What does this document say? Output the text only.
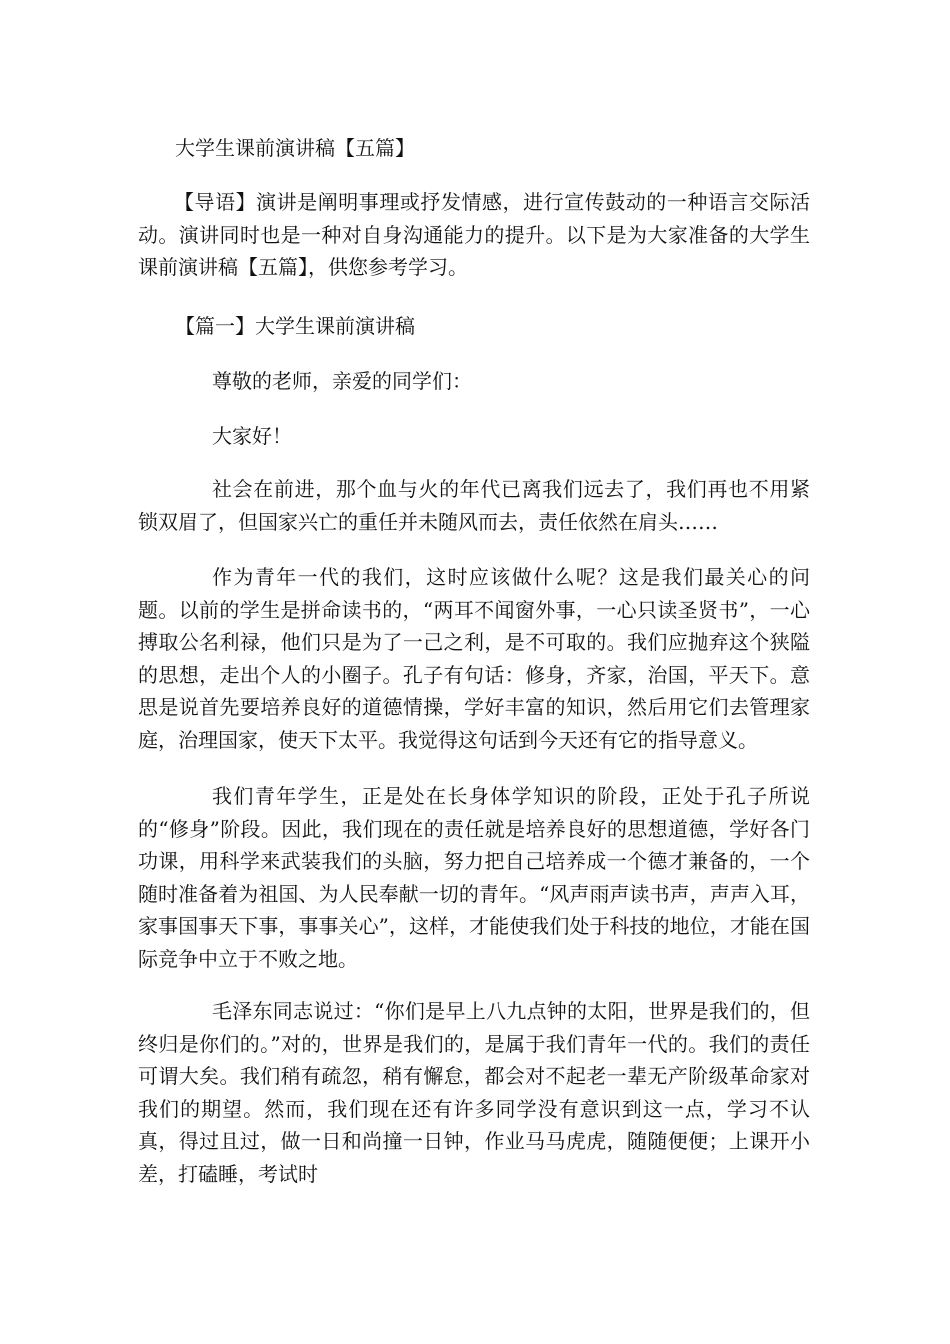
大学生课前演讲稿【五篇】
【导语】演讲是阐明事理或抒发情感，进行宣传鼓动的一种语言交际活动。演讲同时也是一种对自身沟通能力的提升。以下是为大家准备的大学生课前演讲稿【五篇】，供您参考学习。
【篇一】大学生课前演讲稿
尊敬的老师，亲爱的同学们：
大家好！
社会在前进，那个血与火的年代已离我们远去了，我们再也不用紧锁双眉了，但国家兴亡的重任并未随风而去，责任依然在肩头……
作为青年一代的我们，这时应该做什么呢？这是我们最关心的问题。以前的学生是拼命读书的，“两耳不闻窗外事，一心只读圣贤书”，一心搏取公名利禄，他们只是为了一己之利，是不可取的。我们应抛弃这个狭隘的思想，走出个人的小圈子。孔子有句话：修身，齐家，治国，平天下。意思是说首先要培养良好的道德情操，学好丰富的知识，然后用它们去管理家庭，治理国家，使天下太平。我觉得这句话到今天还有它的指导意义。
我们青年学生，正是处在长身体学知识的阶段，正处于孔子所说的“修身”阶段。因此，我们现在的责任就是培养良好的思想道德，学好各门功课，用科学来武装我们的头脑，努力把自己培养成一个德才兼备的，一个随时准备着为祖国、为人民奉献一切的青年。“风声雨声读书声，声声入耳，家事国事天下事，事事关心”，这样，才能使我们处于科技的地位，才能在国际竞争中立于不败之地。
毛泽东同志说过：“你们是早上八九点钟的太阳，世界是我们的，但终归是你们的。”对的，世界是我们的，是属于我们青年一代的。我们的责任可谓大矣。我们稍有疏忽，稍有懈怠，都会对不起老一辈无产阶级革命家对我们的期望。然而，我们现在还有许多同学没有意识到这一点，学习不认真，得过且过，做一日和尚撞一日钟，作业马马虎虎，随随便便；上课开小差，打磕睡，考试时
